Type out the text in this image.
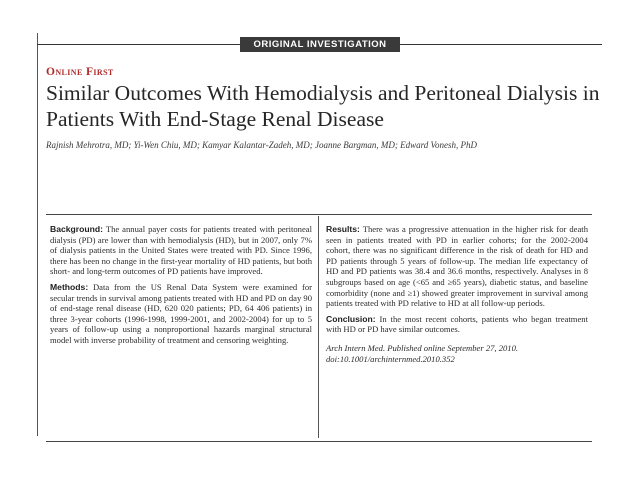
ORIGINAL INVESTIGATION
Online First
Similar Outcomes With Hemodialysis and Peritoneal Dialysis in Patients With End-Stage Renal Disease
Rajnish Mehrotra, MD; Yi-Wen Chiu, MD; Kamyar Kalantar-Zadeh, MD; Joanne Bargman, MD; Edward Vonesh, PhD

Background: The annual payer costs for patients treated with peritoneal dialysis (PD) are lower than with hemodialysis (HD), but in 2007, only 7% of dialysis patients in the United States were treated with PD. Since 1996, there has been no change in the first-year mortality of HD patients, but both short- and long-term outcomes of PD patients have improved.

Methods: Data from the US Renal Data System were examined for secular trends in survival among patients treated with HD and PD on day 90 of end-stage renal disease (HD, 620 020 patients; PD, 64 406 patients) in three 3-year cohorts (1996-1998, 1999-2001, and 2002-2004) for up to 5 years of follow-up using a nonproportional hazards marginal structural model with inverse probability of treatment and censoring weighting.

Results: There was a progressive attenuation in the higher risk for death seen in patients treated with PD in earlier cohorts; for the 2002-2004 cohort, there was no significant difference in the risk of death for HD and PD patients through 5 years of follow-up. The median life expectancy of HD and PD patients was 38.4 and 36.6 months, respectively. Analyses in 8 subgroups based on age (<65 and ≥65 years), diabetic status, and baseline comorbidity (none and ≥1) showed greater improvement in survival among patients treated with PD relative to HD at all follow-up periods.

Conclusion: In the most recent cohorts, patients who began treatment with HD or PD have similar outcomes.

Arch Intern Med. Published online September 27, 2010.
doi:10.1001/archinternmed.2010.352
